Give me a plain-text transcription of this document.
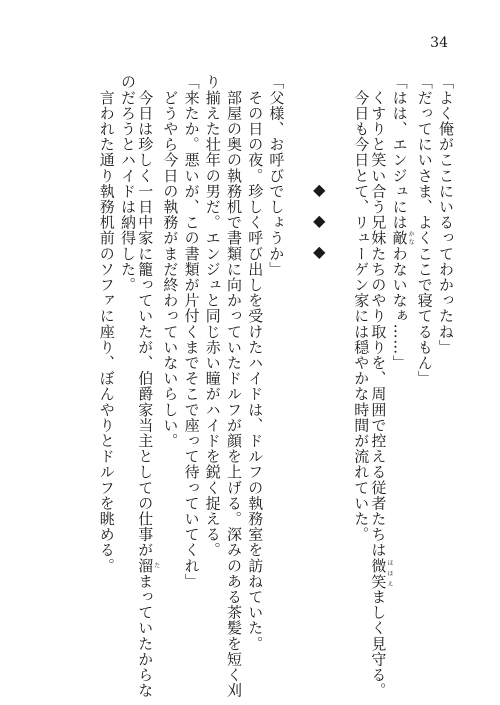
34
「よく俺がここにいるってわかったね」
「だってにいさま、よくここで寝てるもん」
「はは、エンジュには敵かなわないなぁ……」
　くすりと笑い合う兄妹たちのやり取りを、周囲で控える従者たちは微笑ほほえましく見守る。
　今日も今日とて、リューゲン家には穏やかな時間が流れていた。
◆◆◆
「父様、お呼びでしょうか」
　その日の夜。珍しく呼び出しを受けたハイドは、ドルフの執務室を訪ねていた。
　部屋の奥の執務机で書類に向かっていたドルフが顔を上げる。深みのある茶髪を短く刈
り揃えた壮年の男だ。エンジュと同じ赤い瞳がハイドを鋭く捉える。
「来たか。悪いが、この書類が片付くまでそこで座って待っていてくれ」
　どうやら今日の執務がまだ終わっていないらしい。
　今日は珍しく一日中家に籠っていたが、伯爵家当主としての仕事が溜たまっていたからな
のだろうとハイドは納得した。
　言われた通り執務机前のソファに座り、ぼんやりとドルフを眺める。
